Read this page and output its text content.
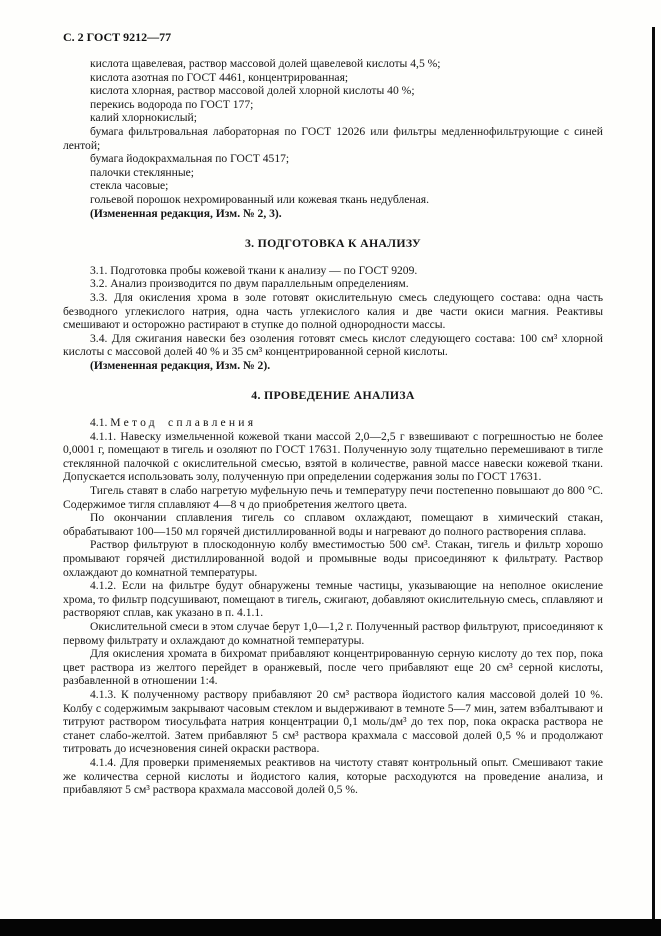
С. 2 ГОСТ 9212—77

кислота щавелевая, раствор массовой долей щавелевой кислоты 4,5 %;

кислота азотная по ГОСТ 4461, концентрированная;

кислота хлорная, раствор массовой долей хлорной кислоты 40 %;

перекись водорода по ГОСТ 177;

калий хлорнокислый;

бумага фильтровальная лабораторная по ГОСТ 12026 или фильтры медленнофильтрующие с синей лентой;

бумага йодокрахмальная по ГОСТ 4517;

палочки стеклянные;

стекла часовые;

гольевой порошок нехромированный или кожевая ткань недубленая.

(Измененная редакция, Изм. № 2, 3).

3. ПОДГОТОВКА К АНАЛИЗУ

3.1. Подготовка пробы кожевой ткани к анализу — по ГОСТ 9209.

3.2. Анализ производится по двум параллельным определениям.

3.3. Для окисления хрома в золе готовят окислительную смесь следующего состава: одна часть безводного углекислого натрия, одна часть углекислого калия и две части окиси магния. Реактивы смешивают и осторожно растирают в ступке до полной однородности массы.

3.4. Для сжигания навески без озоления готовят смесь кислот следующего состава: 100 см³ хлорной кислоты с массовой долей 40 % и 35 см³ концентрированной серной кислоты.

(Измененная редакция, Изм. № 2).

4. ПРОВЕДЕНИЕ АНАЛИЗА

4.1. Метод сплавления

4.1.1. Навеску измельченной кожевой ткани массой 2,0—2,5 г взвешивают с погрешностью не более 0,0001 г, помещают в тигель и озоляют по ГОСТ 17631. Полученную золу тщательно перемешивают в тигле стеклянной палочкой с окислительной смесью, взятой в количестве, равной массе навески кожевой ткани. Допускается использовать золу, полученную при определении содержания золы по ГОСТ 17631.

Тигель ставят в слабо нагретую муфельную печь и температуру печи постепенно повышают до 800 °С. Содержимое тигля сплавляют 4—8 ч до приобретения желтого цвета.

По окончании сплавления тигель со сплавом охлаждают, помещают в химический стакан, обрабатывают 100—150 мл горячей дистиллированной воды и нагревают до полного растворения сплава.

Раствор фильтруют в плоскодонную колбу вместимостью 500 см³. Стакан, тигель и фильтр хорошо промывают горячей дистиллированной водой и промывные воды присоединяют к фильтрату. Раствор охлаждают до комнатной температуры.

4.1.2. Если на фильтре будут обнаружены темные частицы, указывающие на неполное окисление хрома, то фильтр подсушивают, помещают в тигель, сжигают, добавляют окислительную смесь, сплавляют и растворяют сплав, как указано в п. 4.1.1.

Окислительной смеси в этом случае берут 1,0—1,2 г. Полученный раствор фильтруют, присоединяют к первому фильтрату и охлаждают до комнатной температуры.

Для окисления хромата в бихромат прибавляют концентрированную серную кислоту до тех пор, пока цвет раствора из желтого перейдет в оранжевый, после чего прибавляют еще 20 см³ серной кислоты, разбавленной в отношении 1:4.

4.1.3. К полученному раствору прибавляют 20 см³ раствора йодистого калия массовой долей 10 %. Колбу с содержимым закрывают часовым стеклом и выдерживают в темноте 5—7 мин, затем взбалтывают и титруют раствором тиосульфата натрия концентрации 0,1 моль/дм³ до тех пор, пока окраска раствора не станет слабо-желтой. Затем прибавляют 5 см³ раствора крахмала с массовой долей 0,5 % и продолжают титровать до исчезновения синей окраски раствора.

4.1.4. Для проверки применяемых реактивов на чистоту ставят контрольный опыт. Смешивают такие же количества серной кислоты и йодистого калия, которые расходуются на проведение анализа, и прибавляют 5 см³ раствора крахмала массовой долей 0,5 %.
